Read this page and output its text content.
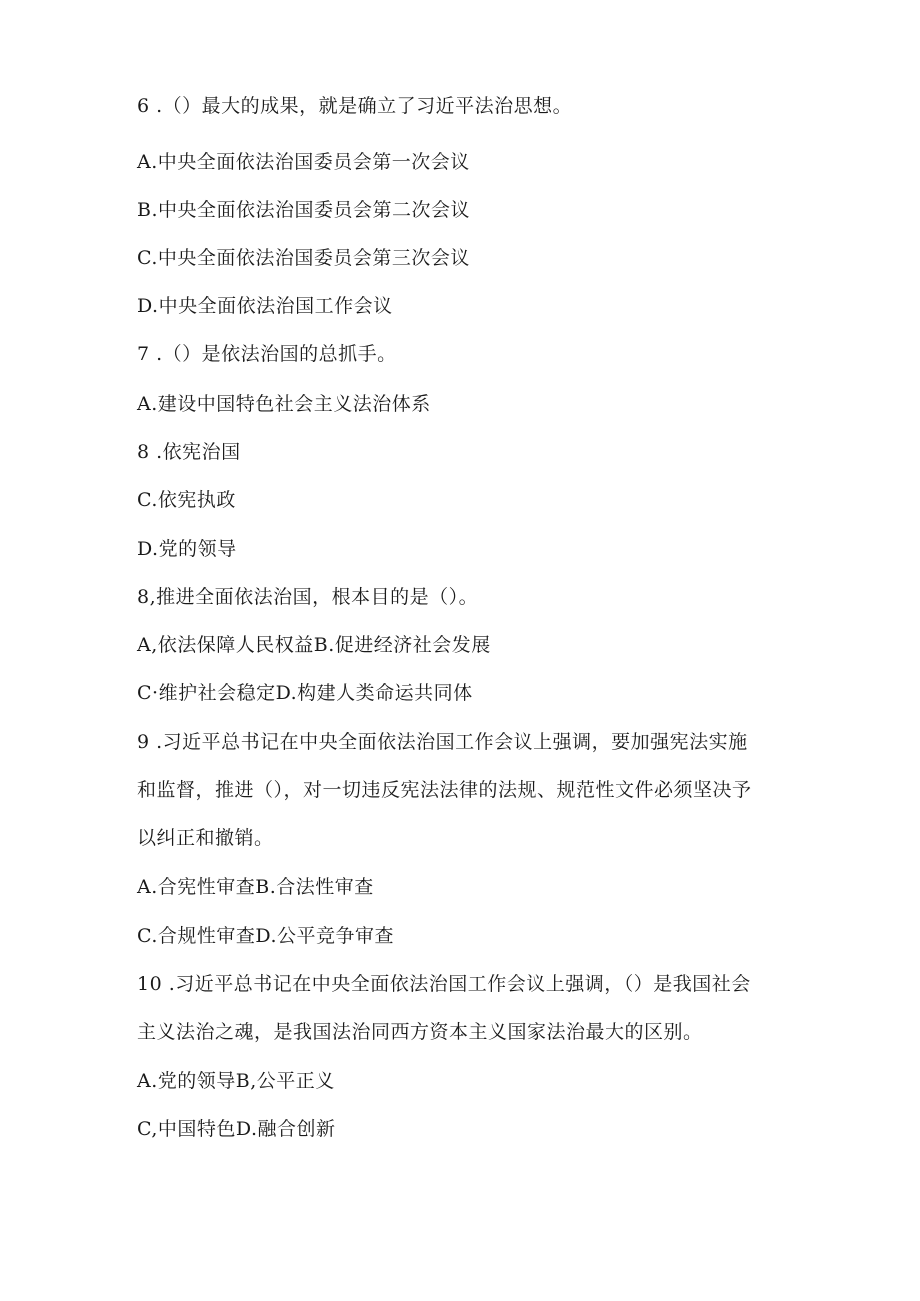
6 .（）最大的成果，就是确立了习近平法治思想。
A.中央全面依法治国委员会第一次会议
B.中央全面依法治国委员会第二次会议
C.中央全面依法治国委员会第三次会议
D.中央全面依法治国工作会议
7 .（）是依法治国的总抓手。
A.建设中国特色社会主义法治体系
8 .依宪治国
C.依宪执政
D.党的领导
8,推进全面依法治国，根本目的是（）。
A,依法保障人民权益B.促进经济社会发展
C·维护社会稳定D.构建人类命运共同体
9 .习近平总书记在中央全面依法治国工作会议上强调，要加强宪法实施
和监督，推进（），对一切违反宪法法律的法规、规范性文件必须坚决予
以纠正和撤销。
A.合宪性审查B.合法性审查
C.合规性审查D.公平竞争审查
10 .习近平总书记在中央全面依法治国工作会议上强调，（）是我国社会
主义法治之魂，是我国法治同西方资本主义国家法治最大的区别。
A.党的领导B,公平正义
C,中国特色D.融合创新
